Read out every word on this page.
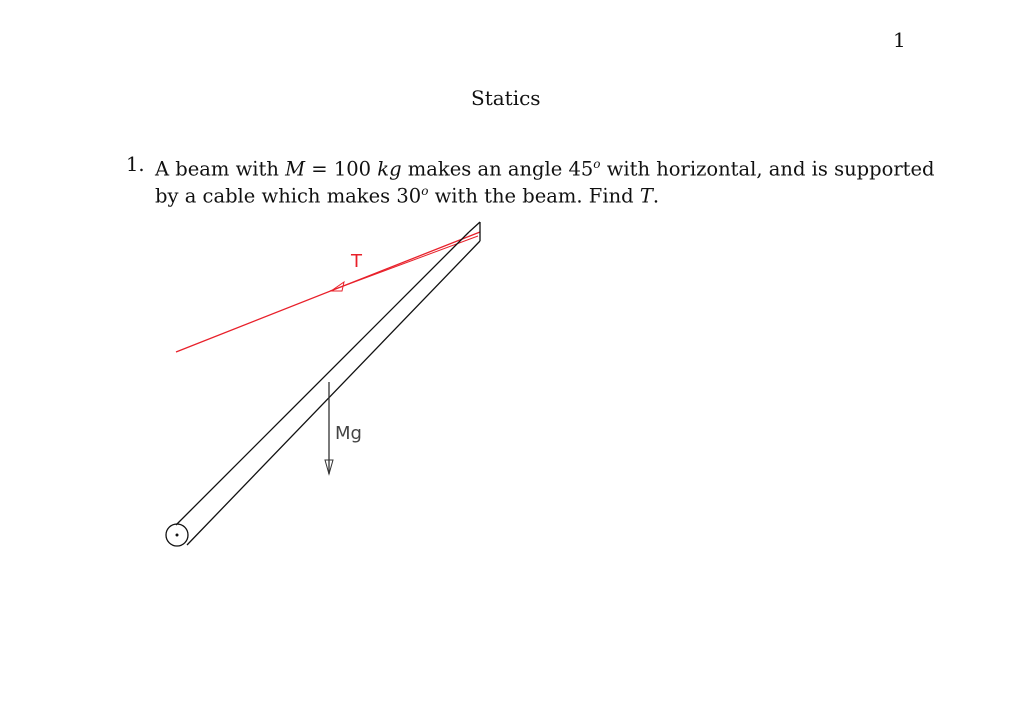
1
Statics
1. A beam with M = 100 kg makes an angle 45$^o$ with horizontal, and is supported
by a cable which makes 30$^o$ with the beam. Find T.
T
Mg
